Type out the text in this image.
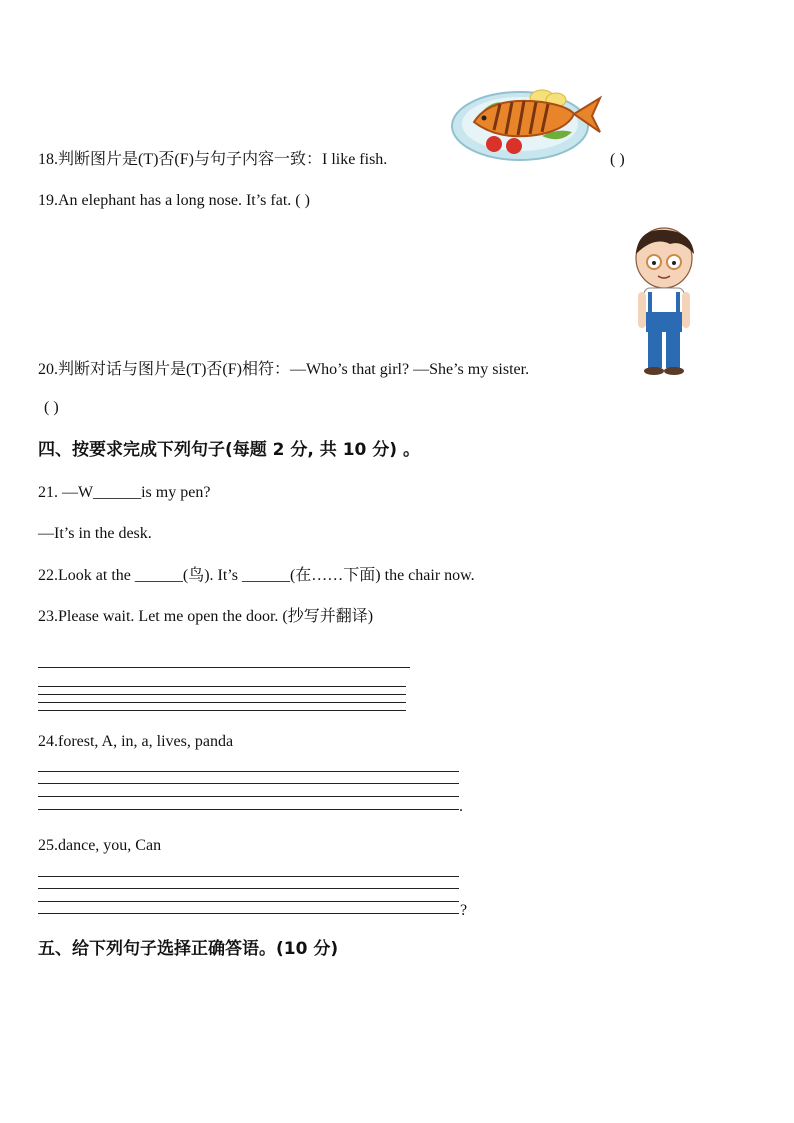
18.判断图片是(T)否(F)与句子内容一致：I like fish.	( )
19.An elephant has a long nose. It’s fat. ( )
20.判断对话与图片是(T)否(F)相符：—Who’s that girl? —She’s my sister.
( )
四、按要求完成下列句子(每题 2 分, 共 10 分) 。
21. —W______is my pen?
—It’s in the desk.
22.Look at the ______(鸟). It’s ______(在……下面) the chair now.
23.Please wait. Let me open the door. (抄写并翻译)
24.forest, A, in, a, lives, panda
.
25.dance, you, Can
?
五、给下列句子选择正确答语。(10 分)
